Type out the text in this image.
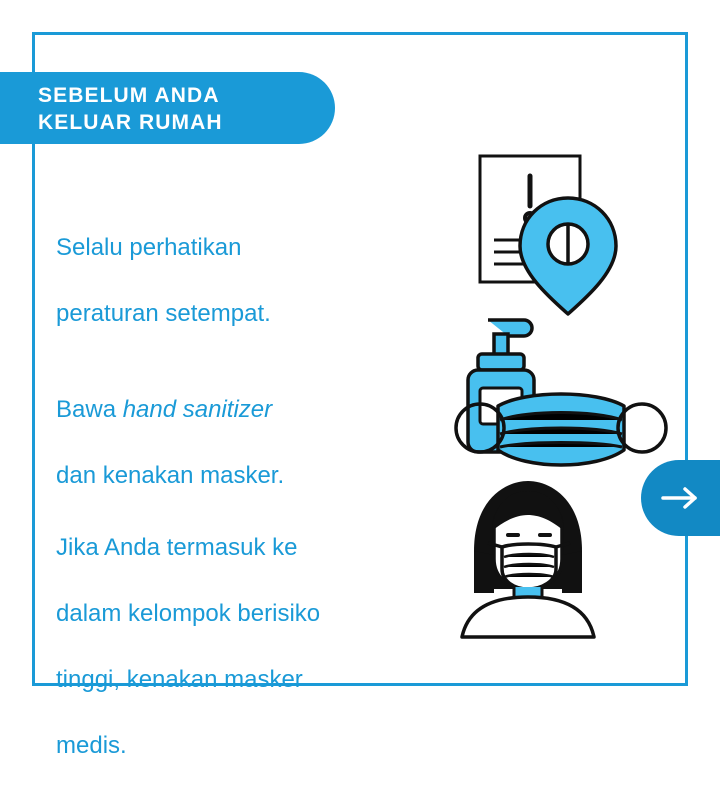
SEBELUM ANDA
KELUAR RUMAH

Selalu perhatikan

peraturan setempat.

Bawa hand sanitizer

dan kenakan masker.

Jika Anda termasuk ke

dalam kelompok berisiko

tinggi, kenakan masker

medis.
